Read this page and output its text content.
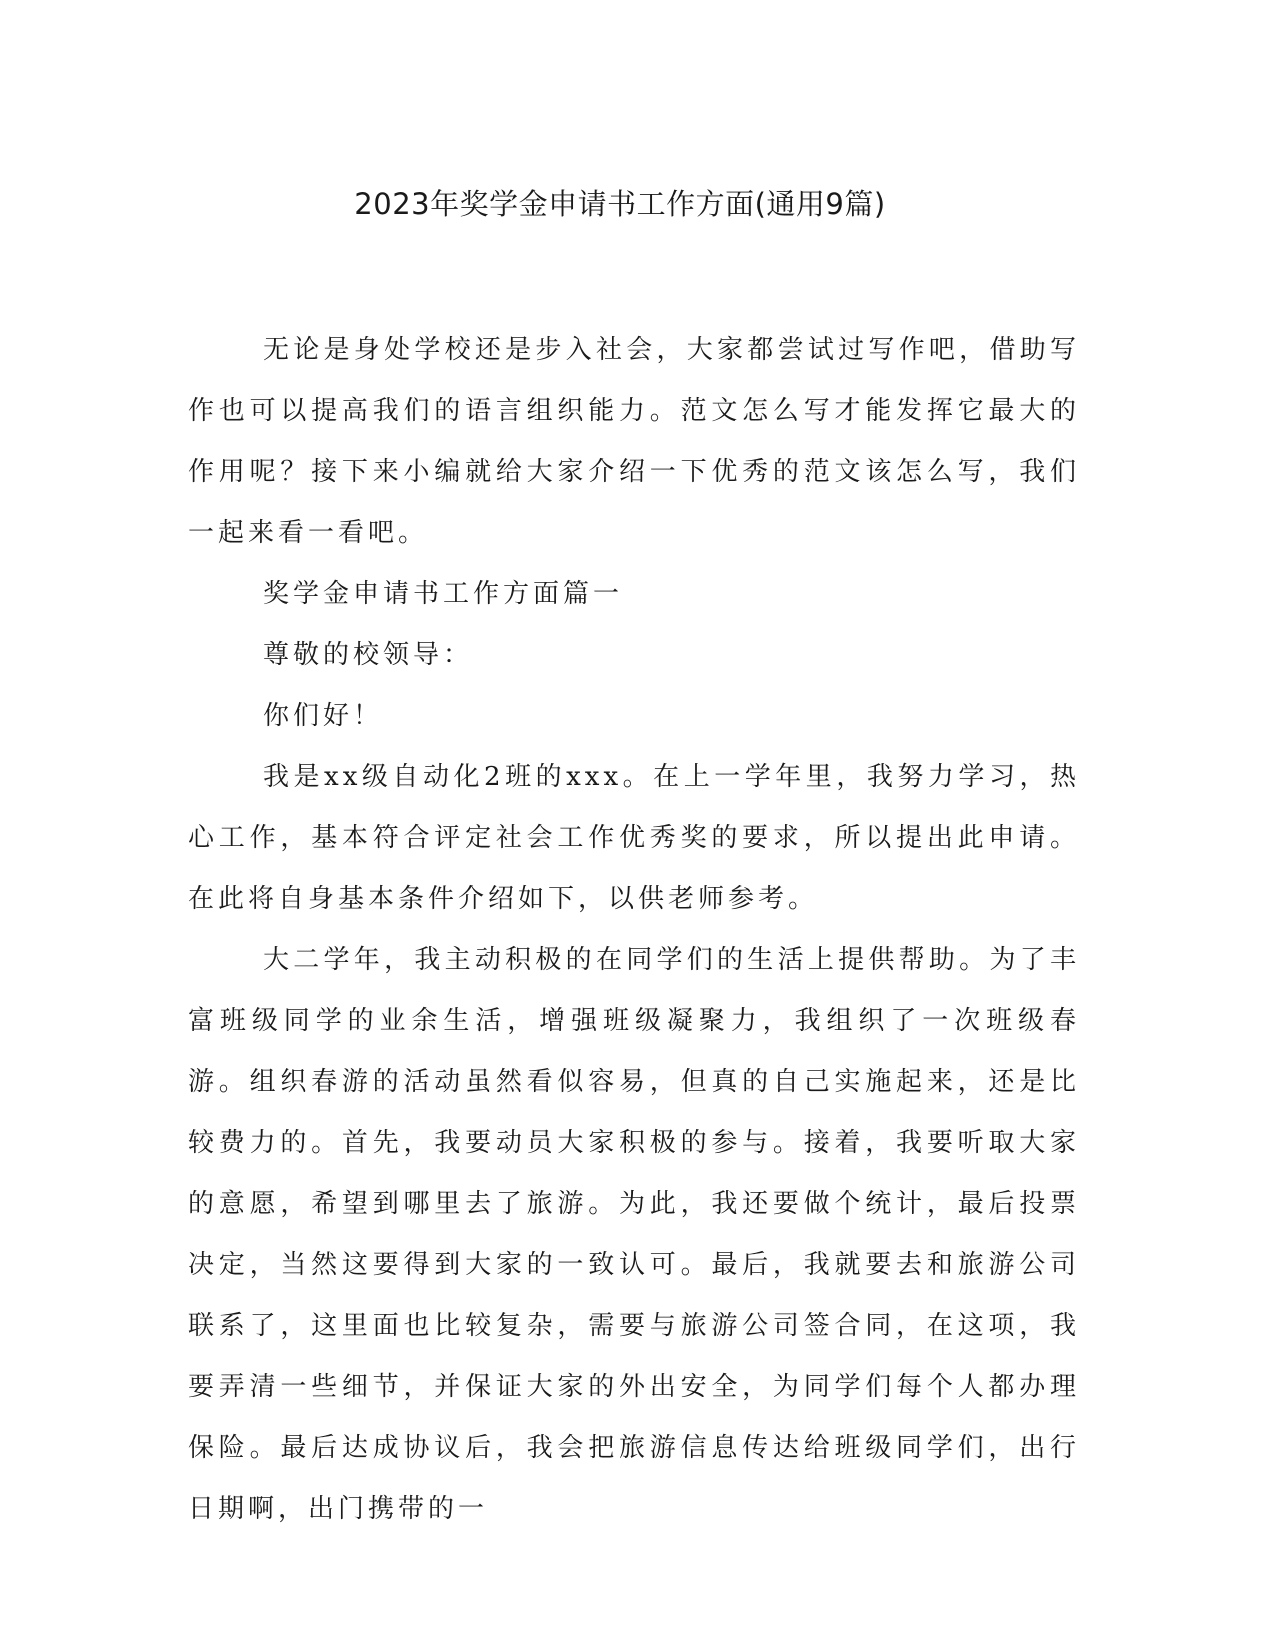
2023年奖学金申请书工作方面(通用9篇)

无论是身处学校还是步入社会，大家都尝试过写作吧，借助写作也可以提高我们的语言组织能力。范文怎么写才能发挥它最大的作用呢？接下来小编就给大家介绍一下优秀的范文该怎么写，我们一起来看一看吧。

奖学金申请书工作方面篇一

尊敬的校领导：

你们好！

我是xx级自动化2班的xxx。在上一学年里，我努力学习，热心工作，基本符合评定社会工作优秀奖的要求，所以提出此申请。在此将自身基本条件介绍如下，以供老师参考。

大二学年，我主动积极的在同学们的生活上提供帮助。为了丰富班级同学的业余生活，增强班级凝聚力，我组织了一次班级春游。组织春游的活动虽然看似容易，但真的自己实施起来，还是比较费力的。首先，我要动员大家积极的参与。接着，我要听取大家的意愿，希望到哪里去了旅游。为此，我还要做个统计，最后投票决定，当然这要得到大家的一致认可。最后，我就要去和旅游公司联系了，这里面也比较复杂，需要与旅游公司签合同，在这项，我要弄清一些细节，并保证大家的外出安全，为同学们每个人都办理保险。最后达成协议后，我会把旅游信息传达给班级同学们，出行日期啊，出门携带的一
